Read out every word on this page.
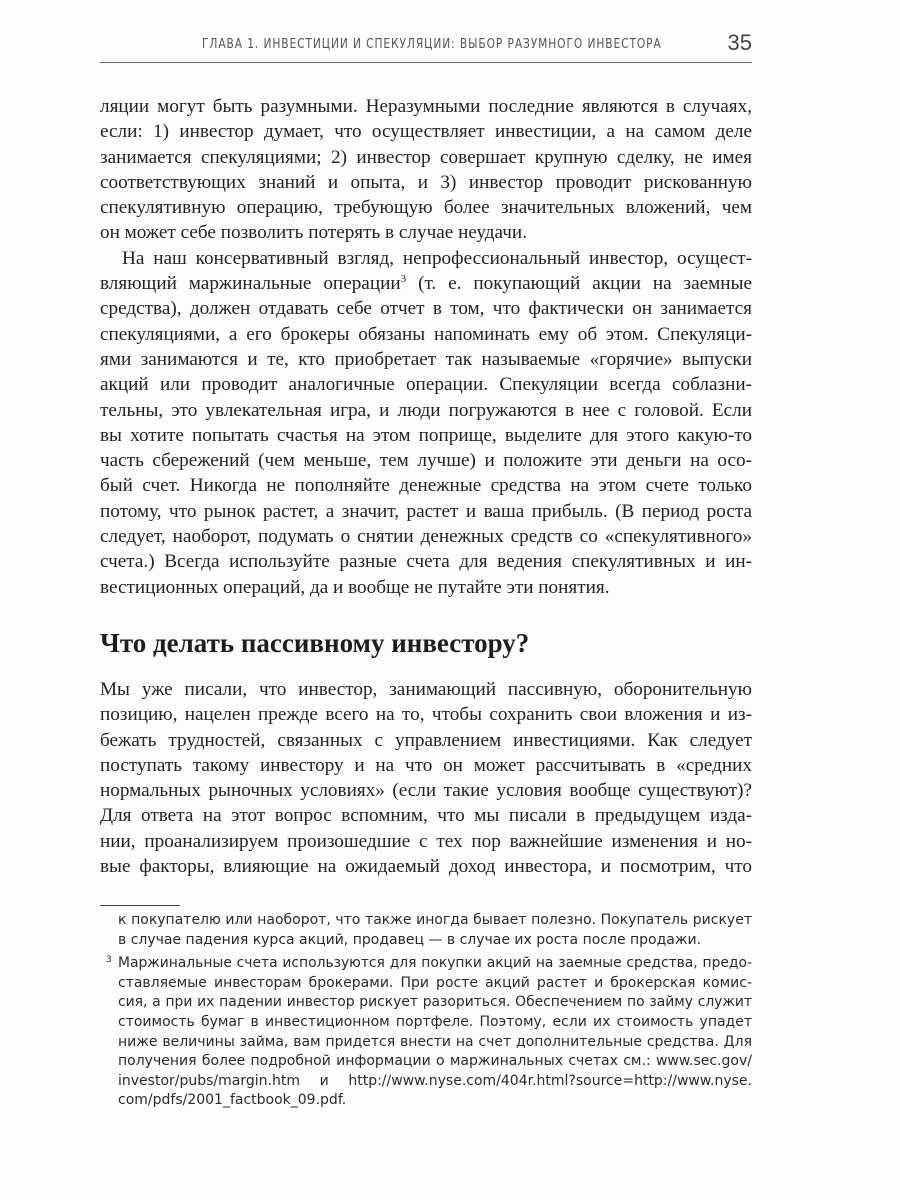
ГЛАВА 1. ИНВЕСТИЦИИ И СПЕКУЛЯЦИИ: ВЫБОР РАЗУМНОГО ИНВЕСТОРА	35

ляции могут быть разумными. Неразумными последние являются в случаях,
если: 1) инвестор думает, что осуществляет инвестиции, а на самом деле
занимается спекуляциями; 2) инвестор совершает крупную сделку, не имея
соответствующих знаний и опыта, и 3) инвестор проводит рискованную
спекулятивную операцию, требующую более значительных вложений, чем
он может себе позволить потерять в случае неудачи.

На наш консервативный взгляд, непрофессиональный инвестор, осущест-
вляющий маржинальные операции$^3$ (т. е. покупающий акции на заемные
средства), должен отдавать себе отчет в том, что фактически он занимается
спекуляциями, а его брокеры обязаны напоминать ему об этом. Спекуляци-
ями занимаются и те, кто приобретает так называемые «горячие» выпуски
акций или проводит аналогичные операции. Спекуляции всегда соблазни-
тельны, это увлекательная игра, и люди погружаются в нее с головой. Если
вы хотите попытать счастья на этом поприще, выделите для этого какую-то
часть сбережений (чем меньше, тем лучше) и положите эти деньги на осо-
бый счет. Никогда не пополняйте денежные средства на этом счете только
потому, что рынок растет, а значит, растет и ваша прибыль. (В период роста
следует, наоборот, подумать о снятии денежных средств со «спекулятивного»
счета.) Всегда используйте разные счета для ведения спекулятивных и ин-
вестиционных операций, да и вообще не путайте эти понятия.

Что делать пассивному инвестору?

Мы уже писали, что инвестор, занимающий пассивную, оборонительную
позицию, нацелен прежде всего на то, чтобы сохранить свои вложения и из-
бежать трудностей, связанных с управлением инвестициями. Как следует
поступать такому инвестору и на что он может рассчитывать в «средних
нормальных рыночных условиях» (если такие условия вообще существуют)?
Для ответа на этот вопрос вспомним, что мы писали в предыдущем изда-
нии, проанализируем произошедшие с тех пор важнейшие изменения и но-
вые факторы, влияющие на ожидаемый доход инвестора, и посмотрим, что

к покупателю или наоборот, что также иногда бывает полезно. Покупатель рискует
в случае падения курса акций, продавец — в случае их роста после продажи.
3 Маржинальные счета используются для покупки акций на заемные средства, предо-
ставляемые инвесторам брокерами. При росте акций растет и брокерская комис-
сия, а при их падении инвестор рискует разориться. Обеспечением по займу служит
стоимость бумаг в инвестиционном портфеле. Поэтому, если их стоимость упадет
ниже величины займа, вам придется внести на счет дополнительные средства. Для
получения более подробной информации о маржинальных счетах см.: www.sec.gov/
investor/pubs/margin.htm и http://www.nyse.com/404r.html?source=http://www.nyse.
com/pdfs/2001_factbook_09.pdf.
